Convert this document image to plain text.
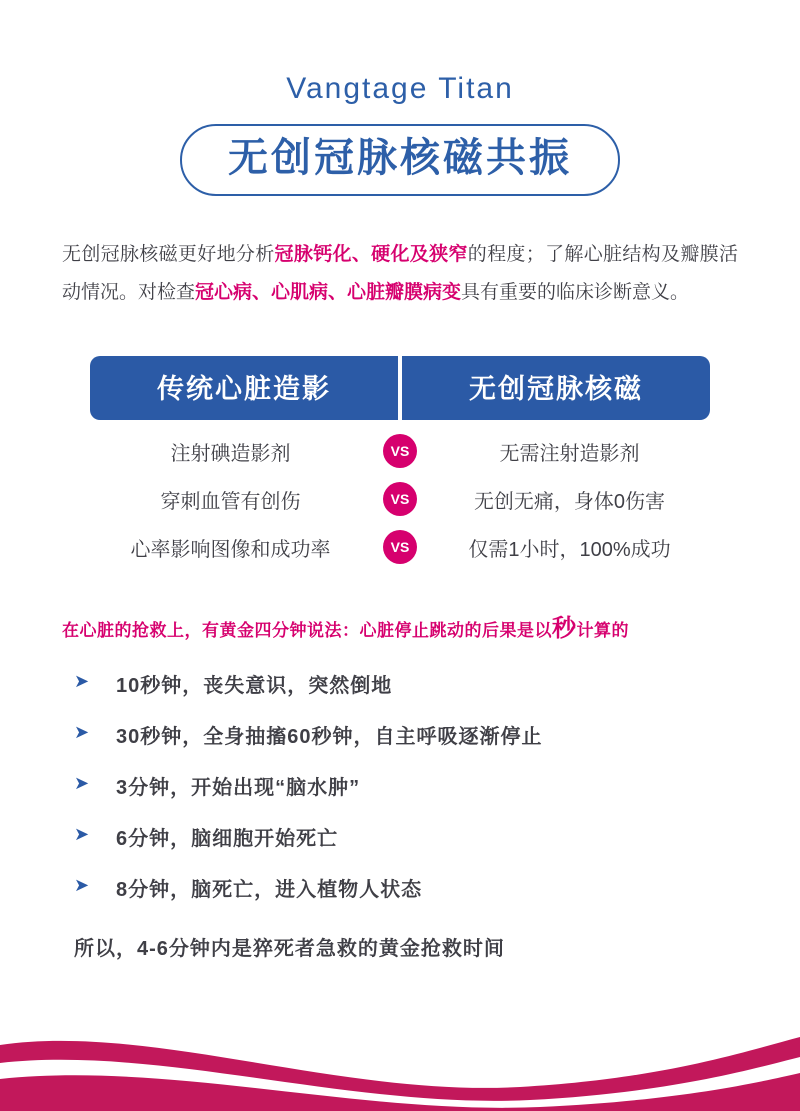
Vangtage Titan
无创冠脉核磁共振
无创冠脉核磁更好地分析冠脉钙化、硬化及狭窄的程度；了解心脏结构及瓣膜活动情况。对检查冠心病、心肌病、心脏瓣膜病变具有重要的临床诊断意义。
传统心脏造影	无创冠脉核磁
注射碘造影剂	VS	无需注射造影剂
穿刺血管有创伤	VS	无创无痛，身体0伤害
心率影响图像和成功率	VS	仅需1小时，100%成功
在心脏的抢救上，有黄金四分钟说法：心脏停止跳动的后果是以秒计算的
➤	10秒钟，丧失意识，突然倒地
➤	30秒钟，全身抽搐60秒钟，自主呼吸逐渐停止
➤	3分钟，开始出现“脑水肿”
➤	6分钟，脑细胞开始死亡
➤	8分钟，脑死亡，进入植物人状态
所以，4-6分钟内是猝死者急救的黄金抢救时间
